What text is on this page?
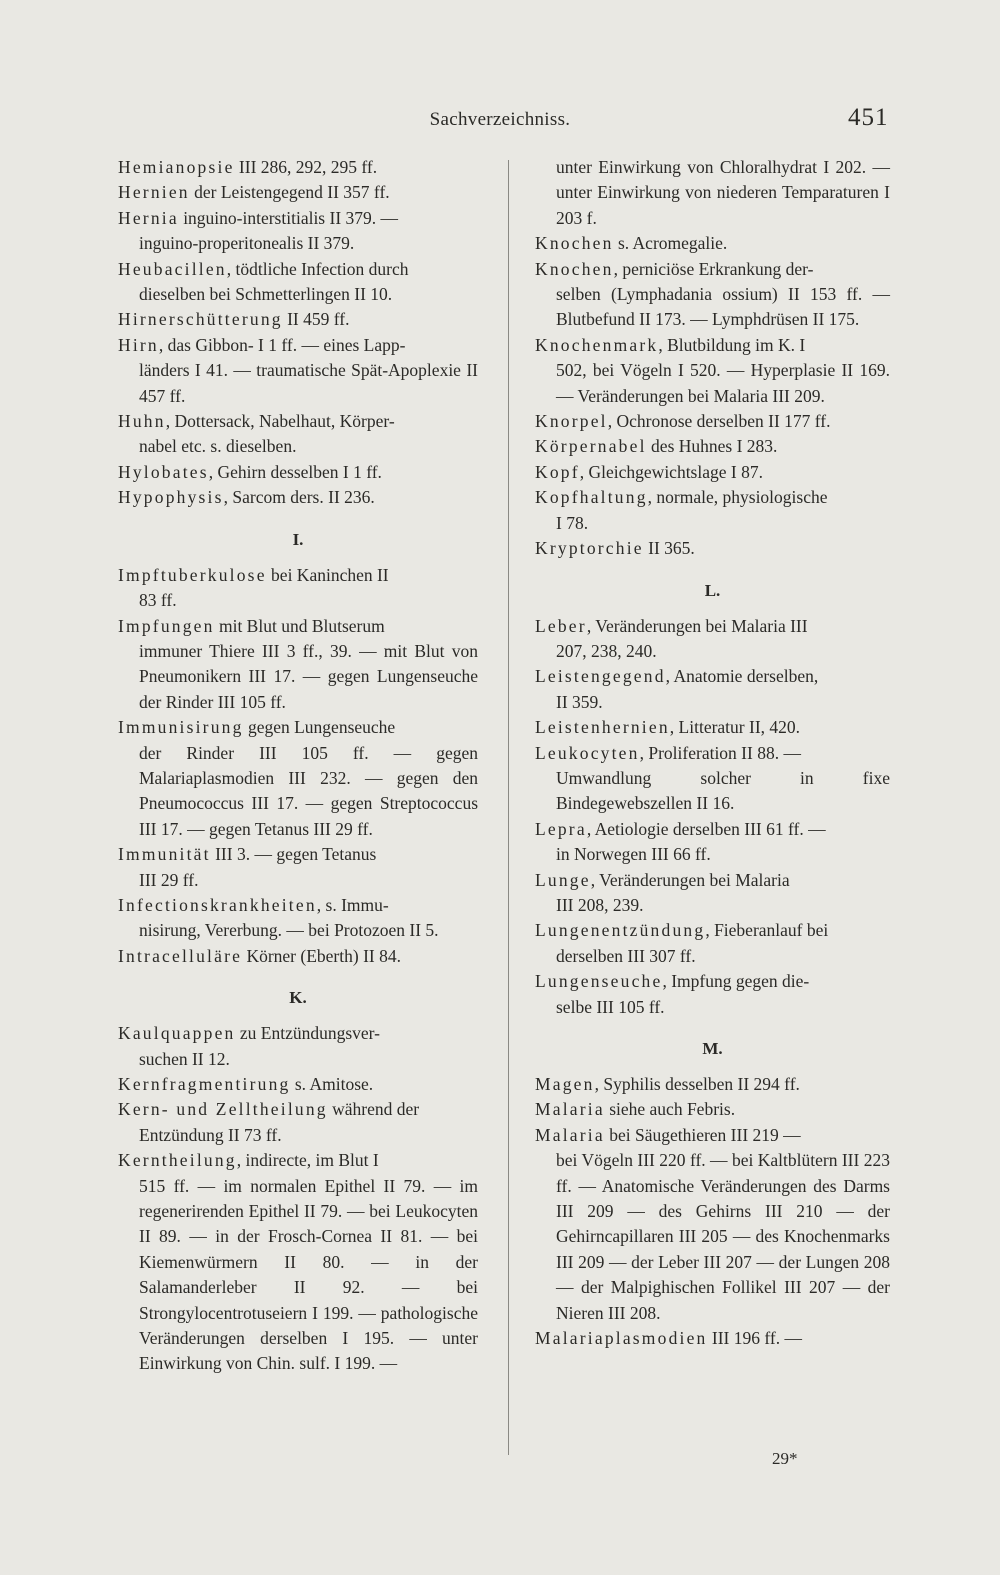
Sachverzeichniss.	451

Hemianopsie III 286, 292, 295 ff.

Hernien der Leistengegend II 357 ff.

Hernia inguino-interstitialis II 379. —
inguino-properitonealis II 379.

Heubacillen, tödtliche Infection durch
dieselben bei Schmetterlingen II 10.

Hirnerschütterung II 459 ff.

Hirn, das Gibbon- I 1 ff. — eines Lapp-
länders I 41. — traumatische Spät-Apoplexie II 457 ff.

Huhn, Dottersack, Nabelhaut, Körper-
nabel etc. s. dieselben.

Hylobates, Gehirn desselben I 1 ff.

Hypophysis, Sarcom ders. II 236.

I.

Impftuberkulose bei Kaninchen II
83 ff.

Impfungen mit Blut und Blutserum
immuner Thiere III 3 ff., 39. — mit Blut von Pneumonikern III 17. — gegen Lungenseuche der Rinder III 105 ff.

Immunisirung gegen Lungenseuche
der Rinder III 105 ff. — gegen Malariaplasmodien III 232. — gegen den Pneumococcus III 17. — gegen Streptococcus III 17. — gegen Tetanus III 29 ff.

Immunität III 3. — gegen Tetanus
III 29 ff.

Infectionskrankheiten, s. Immu-
nisirung, Vererbung. — bei Protozoen II 5.

Intracelluläre Körner (Eberth) II 84.

K.

Kaulquappen zu Entzündungsver-
suchen II 12.

Kernfragmentirung s. Amitose.

Kern- und Zelltheilung während der
Entzündung II 73 ff.

Kerntheilung, indirecte, im Blut I
515 ff. — im normalen Epithel II 79. — im regenerirenden Epithel II 79. — bei Leukocyten II 89. — in der Frosch-Cornea II 81. — bei Kiemenwürmern II 80. — in der Salamanderleber II 92. — bei Strongylocentrotuseiern I 199. — pathologische Veränderungen derselben I 195. — unter Einwirkung von Chin. sulf. I 199. —

unter Einwirkung von Chloralhydrat I 202. — unter Einwirkung von niederen Temparaturen I 203 f.

Knochen s. Acromegalie.

Knochen, perniciöse Erkrankung der-
selben (Lymphadania ossium) II 153 ff. — Blutbefund II 173. — Lymphdrüsen II 175.

Knochenmark, Blutbildung im K. I
502, bei Vögeln I 520. — Hyperplasie II 169. — Veränderungen bei Malaria III 209.

Knorpel, Ochronose derselben II 177 ff.

Körpernabel des Huhnes I 283.

Kopf, Gleichgewichtslage I 87.

Kopfhaltung, normale, physiologische
I 78.

Kryptorchie II 365.

L.

Leber, Veränderungen bei Malaria III
207, 238, 240.

Leistengegend, Anatomie derselben,
II 359.

Leistenhernien, Litteratur II, 420.

Leukocyten, Proliferation II 88. —
Umwandlung solcher in fixe Bindegewebszellen II 16.

Lepra, Aetiologie derselben III 61 ff. —
in Norwegen III 66 ff.

Lunge, Veränderungen bei Malaria
III 208, 239.

Lungenentzündung, Fieberanlauf bei
derselben III 307 ff.

Lungenseuche, Impfung gegen die-
selbe III 105 ff.

M.

Magen, Syphilis desselben II 294 ff.

Malaria siehe auch Febris.

Malaria bei Säugethieren III 219 —
bei Vögeln III 220 ff. — bei Kaltblütern III 223 ff. — Anatomische Veränderungen des Darms III 209 — des Gehirns III 210 — der Gehirncapillaren III 205 — des Knochenmarks III 209 — der Leber III 207 — der Lungen 208 — der Malpighischen Follikel III 207 — der Nieren III 208.

Malariaplasmodien III 196 ff. —

29*
